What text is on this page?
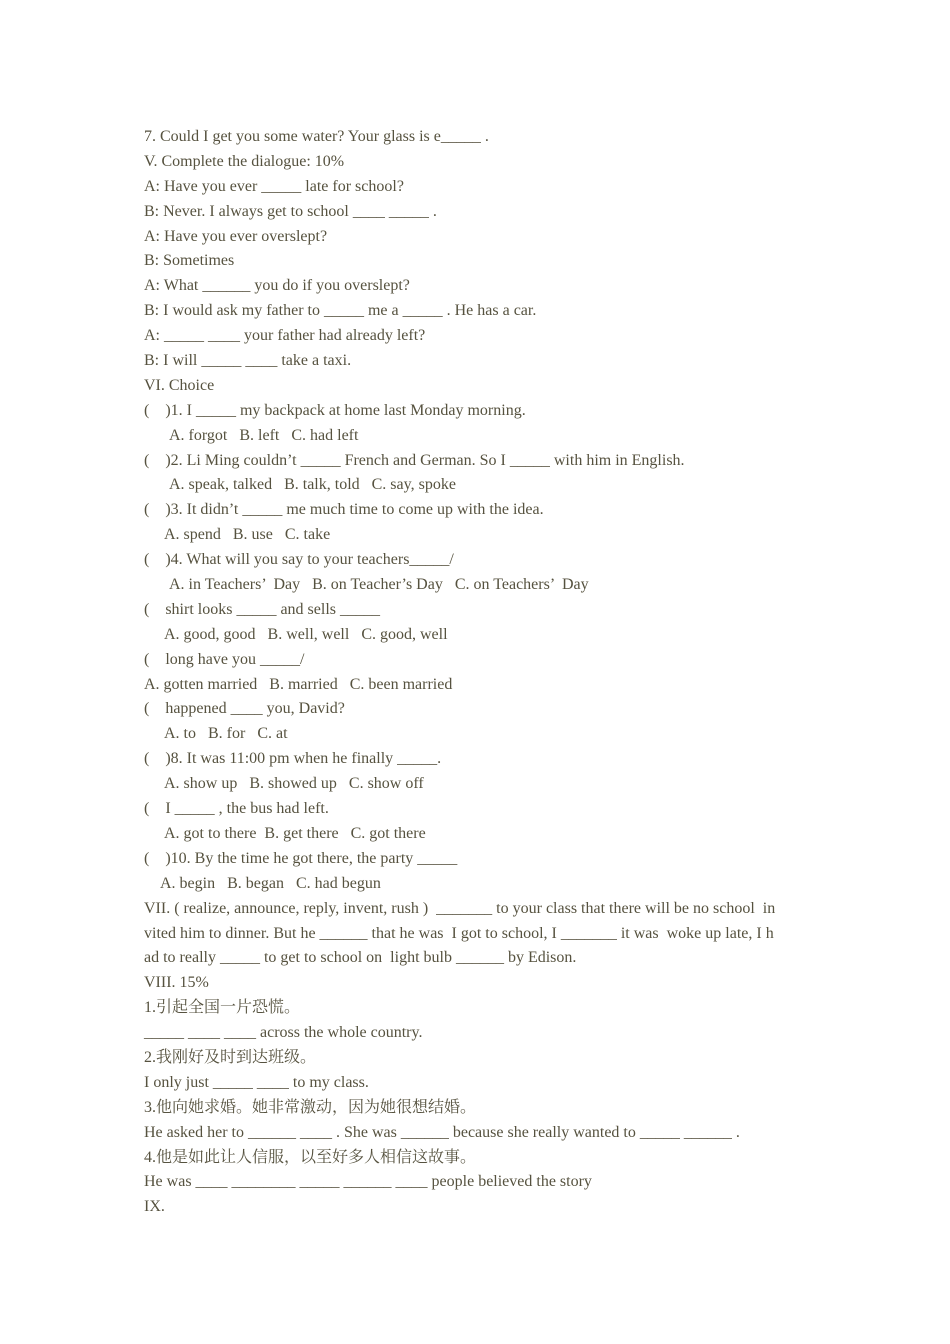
7. Could I get you some water? Your glass is e_____ .
V. Complete the dialogue: 10%
A: Have you ever _____ late for school?
B: Never. I always get to school ____ _____ .
A: Have you ever overslept?
B: Sometimes
A: What ______ you do if you overslept?
B: I would ask my father to _____ me a _____ . He has a car.
A: _____ ____ your father had already left?
B: I will _____ ____ take a taxi.
VI. Choice
(    )1. I _____ my backpack at home last Monday morning.
A. forgot   B. left   C. had left
(    )2. Li Ming couldn’t _____ French and German. So I _____ with him in English.
A. speak, talked   B. talk, told   C. say, spoke
(    )3. It didn’t _____ me much time to come up with the idea.
A. spend   B. use   C. take
(    )4. What will you say to your teachers_____/
A. in Teachers’  Day   B. on Teacher’s Day   C. on Teachers’  Day
(    shirt looks _____ and sells _____
A. good, good   B. well, well   C. good, well
(    long have you _____/
A. gotten married   B. married   C. been married
(    happened ____ you, David?
A. to   B. for   C. at
(    )8. It was 11:00 pm when he finally _____.
A. show up   B. showed up   C. show off
(    I _____ , the bus had left.
A. got to there  B. get there   C. got there
(    )10. By the time he got there, the party _____
A. begin   B. began   C. had begun
VII. ( realize, announce, reply, invent, rush )  _______ to your class that there will be no school  in
vited him to dinner. But he ______ that he was  I got to school, I _______ it was  woke up late, I h
ad to really _____ to get to school on  light bulb ______ by Edison.
VIII. 15%
1.引起全国一片恐慌。
_____ ____ ____ across the whole country.
2.我刚好及时到达班级。
I only just _____ ____ to my class.
3.他向她求婚。她非常激动，因为她很想结婚。
He asked her to ______ ____ . She was ______ because she really wanted to _____ ______ .
4.他是如此让人信服，以至好多人相信这故事。
He was ____ ________ _____ ______ ____ people believed the story
IX.
